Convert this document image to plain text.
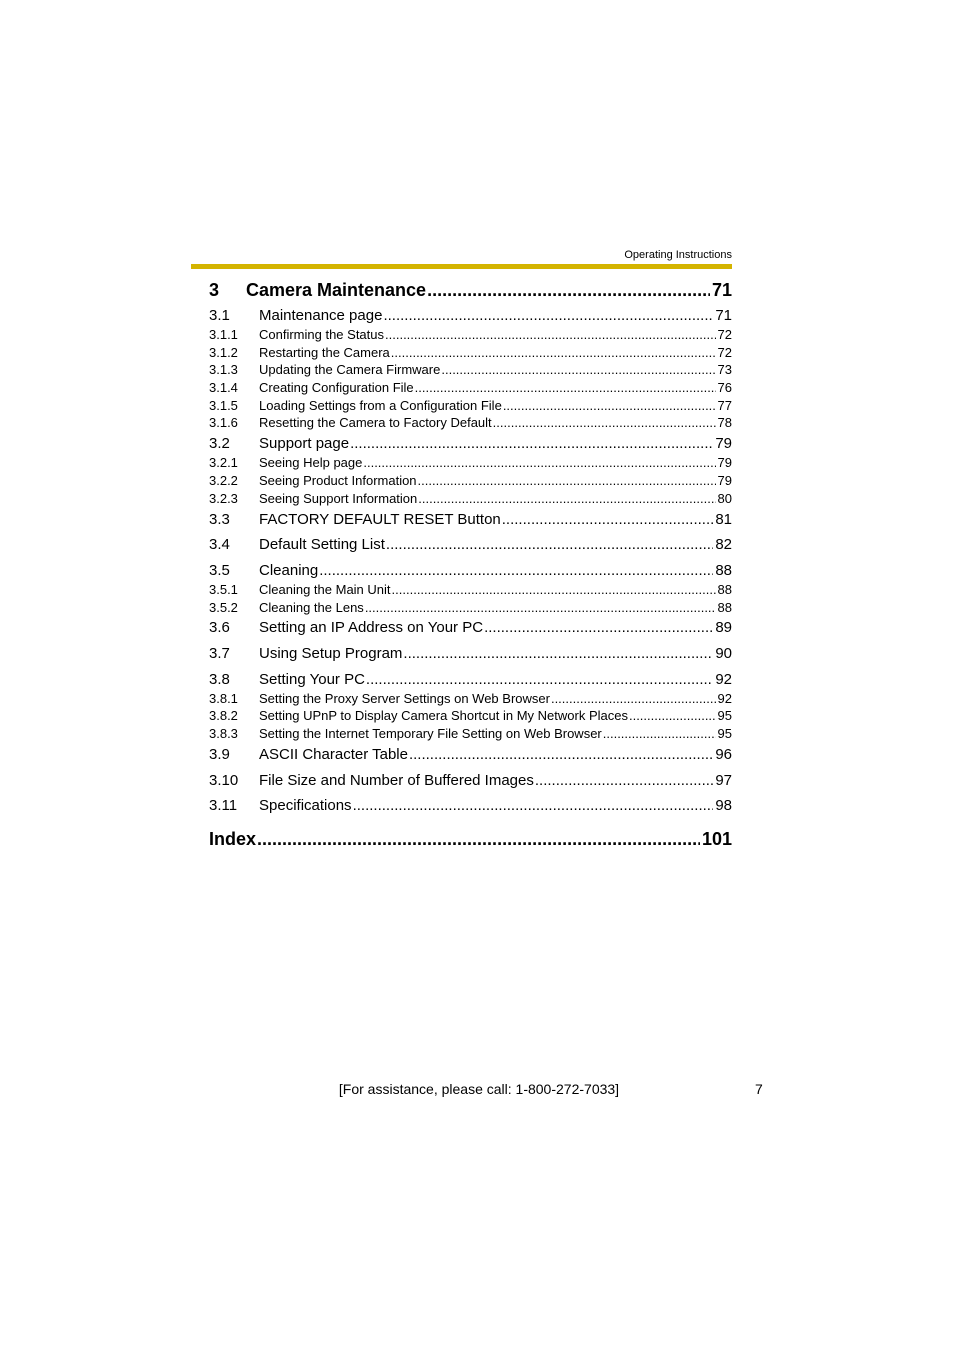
Operating Instructions
3	Camera Maintenance .....	71
3.1	Maintenance page .....	71
3.1.1	Confirming the Status .....	72
3.1.2	Restarting the Camera .....	72
3.1.3	Updating the Camera Firmware .....	73
3.1.4	Creating Configuration File .....	76
3.1.5	Loading Settings from a Configuration File .....	77
3.1.6	Resetting the Camera to Factory Default .....	78
3.2	Support page .....	79
3.2.1	Seeing Help page .....	79
3.2.2	Seeing Product Information .....	79
3.2.3	Seeing Support Information .....	80
3.3	FACTORY DEFAULT RESET Button .....	81
3.4	Default Setting List .....	82
3.5	Cleaning .....	88
3.5.1	Cleaning the Main Unit .....	88
3.5.2	Cleaning the Lens .....	88
3.6	Setting an IP Address on Your PC .....	89
3.7	Using Setup Program .....	90
3.8	Setting Your PC .....	92
3.8.1	Setting the Proxy Server Settings on Web Browser .....	92
3.8.2	Setting UPnP to Display Camera Shortcut in My Network Places .....	95
3.8.3	Setting the Internet Temporary File Setting on Web Browser .....	95
3.9	ASCII Character Table .....	96
3.10	File Size and Number of Buffered Images .....	97
3.11	Specifications .....	98
Index .....	101
[For assistance, please call: 1-800-272-7033]	7
